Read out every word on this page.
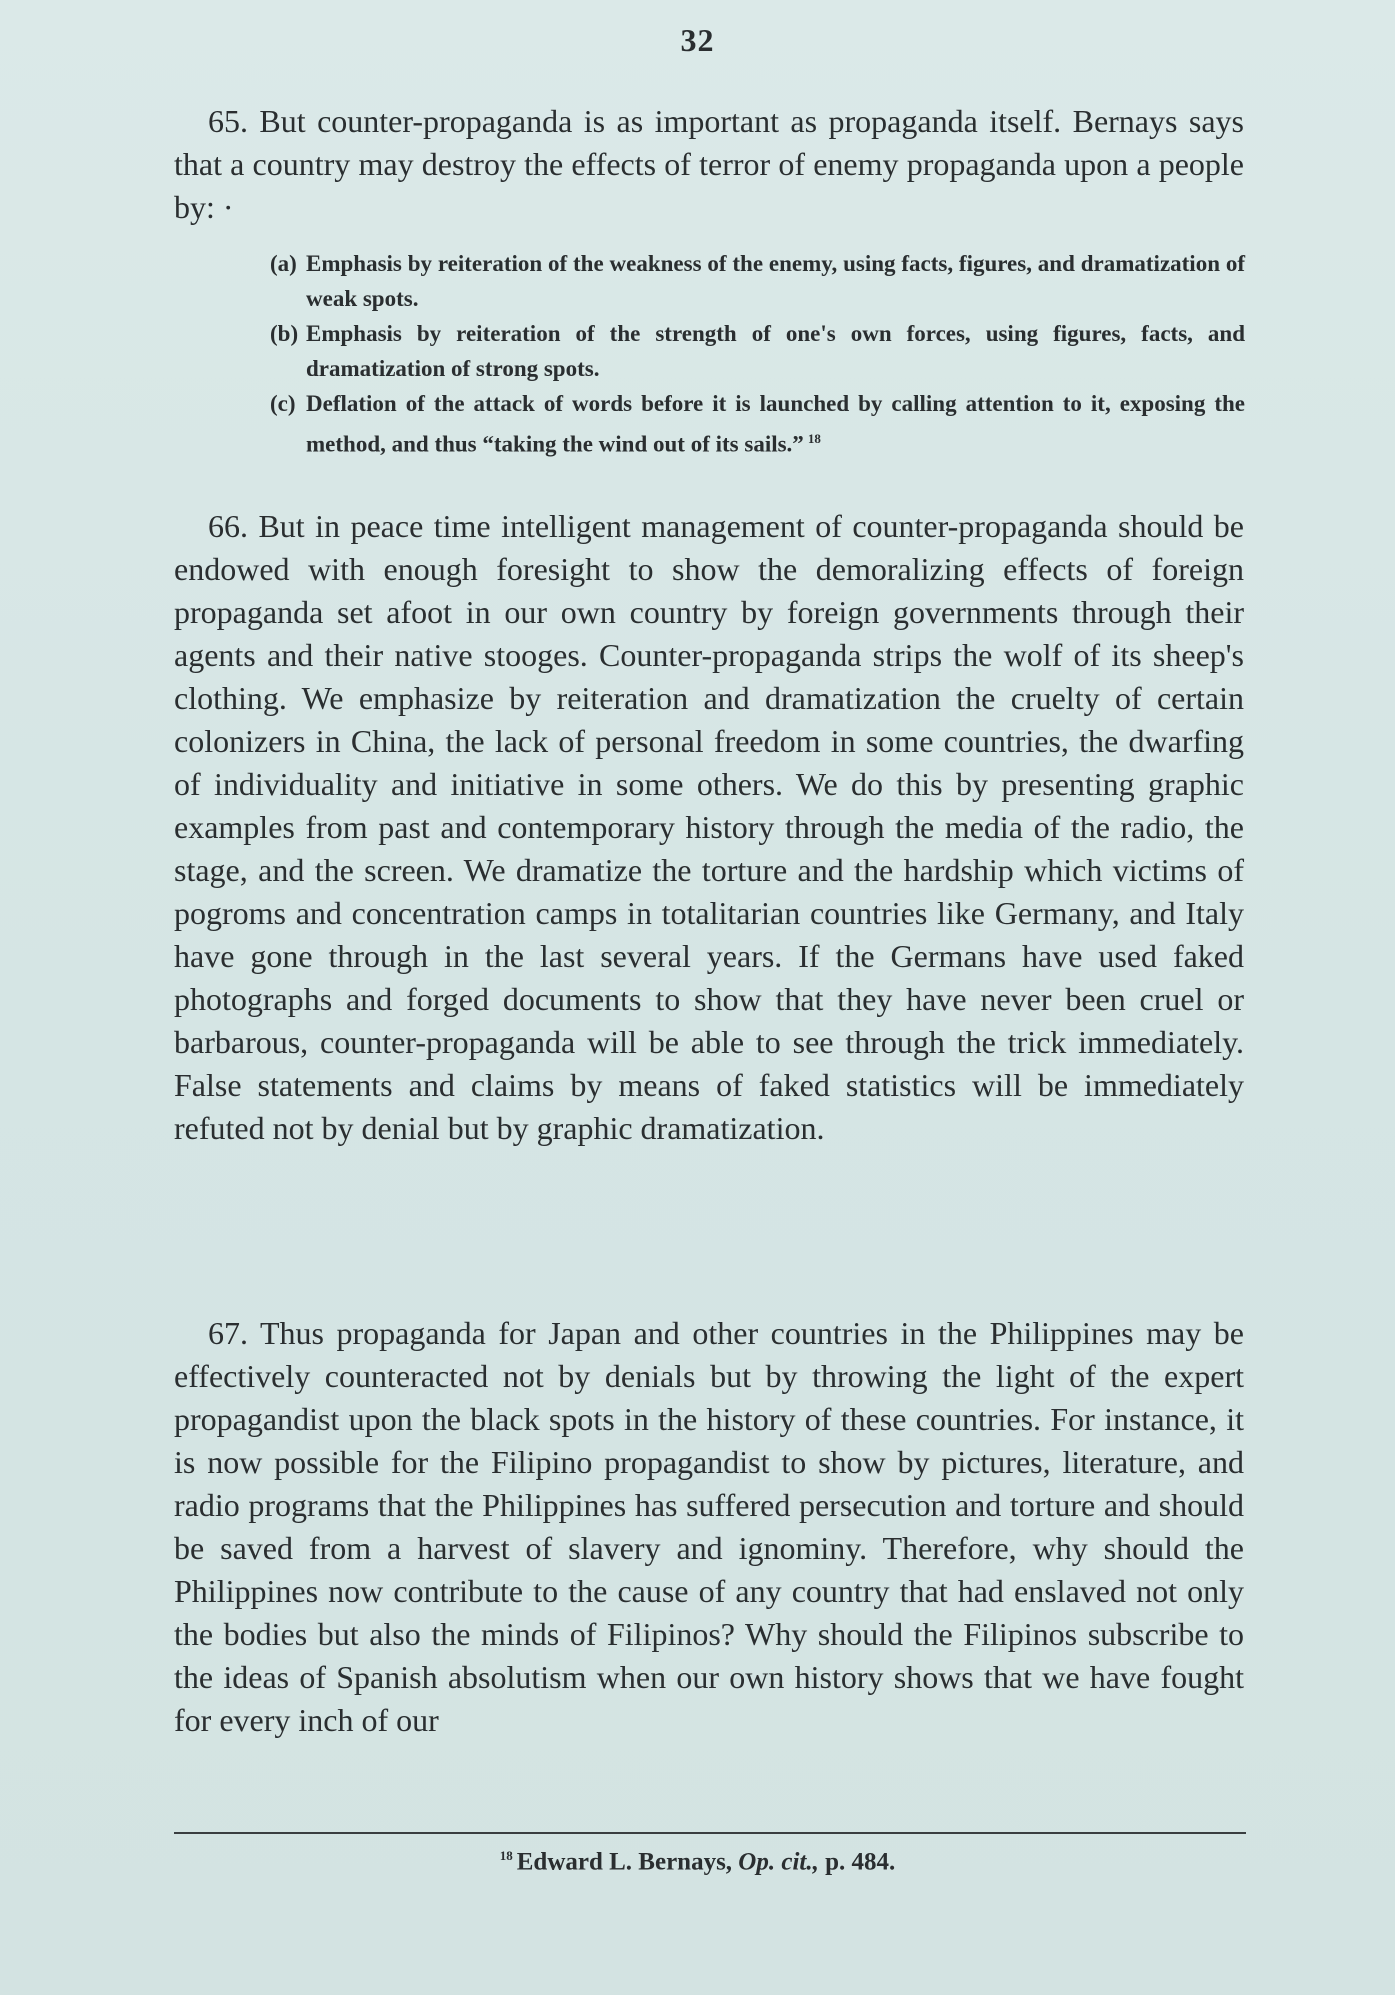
32

65. But counter-propaganda is as important as propaganda itself. Bernays says that a country may destroy the effects of terror of enemy propaganda upon a people by: ·

(a) Emphasis by reiteration of the weakness of the enemy, using facts, figures, and dramatization of weak spots.
(b) Emphasis by reiteration of the strength of one's own forces, using figures, facts, and dramatization of strong spots.
(c) Deflation of the attack of words before it is launched by calling attention to it, exposing the method, and thus “taking the wind out of its sails.” $^{18}$

66. But in peace time intelligent management of counter-propaganda should be endowed with enough foresight to show the demoralizing effects of foreign propaganda set afoot in our own country by foreign governments through their agents and their native stooges. Counter-propaganda strips the wolf of its sheep's clothing. We emphasize by reiteration and dramatization the cruelty of certain colonizers in China, the lack of personal freedom in some countries, the dwarfing of individuality and initiative in some others. We do this by presenting graphic examples from past and contemporary history through the media of the radio, the stage, and the screen. We dramatize the torture and the hardship which victims of pogroms and concentration camps in totalitarian countries like Germany, and Italy have gone through in the last several years. If the Germans have used faked photographs and forged documents to show that they have never been cruel or barbarous, counter-propaganda will be able to see through the trick immediately. False statements and claims by means of faked statistics will be immediately refuted not by denial but by graphic dramatization.

67. Thus propaganda for Japan and other countries in the Philippines may be effectively counteracted not by denials but by throwing the light of the expert propagandist upon the black spots in the history of these countries. For instance, it is now possible for the Filipino propagandist to show by pictures, literature, and radio programs that the Philippines has suffered persecution and torture and should be saved from a harvest of slavery and ignominy. Therefore, why should the Philippines now contribute to the cause of any country that had enslaved not only the bodies but also the minds of Filipinos? Why should the Filipinos subscribe to the ideas of Spanish absolutism when our own history shows that we have fought for every inch of our

$^{18}$ Edward L. Bernays, Op. cit., p. 484.
